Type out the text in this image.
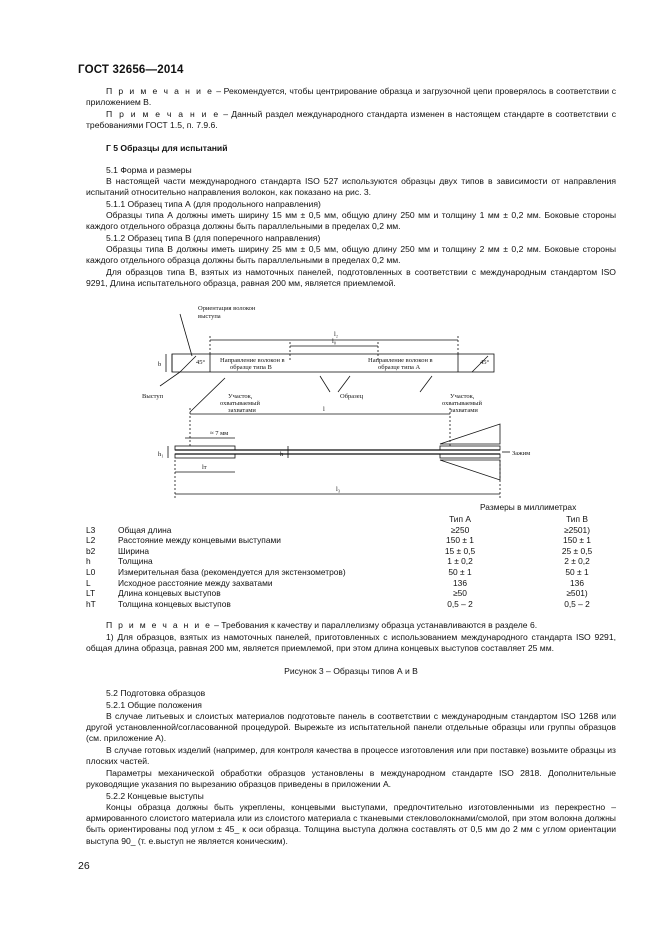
ГОСТ 32656—2014
П р и м е ч а н и е – Рекомендуется, чтобы центрирование образца и загрузочной цепи проверялось в соответствии с приложением В.
П р и м е ч а н и е – Данный раздел международного стандарта изменен в настоящем стандарте в соответствии с требованиями ГОСТ 1.5, п. 7.9.6.
Г 5 Образцы для испытаний
5.1 Форма и размеры
В настоящей части международного стандарта ISO 527 используются образцы двух типов в зависимости от направления испытаний относительно направления волокон, как показано на рис. 3.
5.1.1 Образец типа А (для продольного направления)
Образцы типа А должны иметь ширину 15 мм ± 0,5 мм, общую длину 250 мм и толщину 1 мм ± 0,2 мм. Боковые стороны каждого отдельного образца должны быть параллельными в пределах 0,2 мм.
5.1.2 Образец типа В (для поперечного направления)
Образцы типа В должны иметь ширину 25 мм ± 0,5 мм, общую длину 250 мм и толщину 2 мм ± 0,2 мм. Боковые стороны каждого отдельного образца должны быть параллельными в пределах 0,2 мм.
Для образцов типа В, взятых из намоточных панелей, подготовленных в соответствии с международным стандартом ISO 9291, Длина испытательного образца, равная 200 мм, является приемлемой.
Ориентация волокон
выступа
l₂
l₀
b	45°	45°
Направление волокон в
образце типа В
Направление волокон в
образце типа А
Выступ	Участок,
охватываемый
захватами
Образец	Участок,
охватываемый
захватами
l
≈ 7 мм
h₁	h	Зажим
lᴛ
l₃
Размеры в миллиметрах
Тип А	Тип В
L3	Общая длина	≥250	≥2501)
L2	Расстояние между концевыми выступами	150 ± 1	150 ± 1
b2	Ширина	15 ± 0,5	25 ± 0,5
h	Толщина	1 ± 0,2	2 ± 0,2
L0	Измерительная база (рекомендуется для экстензометров)	50 ± 1	50 ± 1
L	Исходное расстояние между захватами	136	136
LT	Длина концевых выступов	≥50	≥501)
hT	Толщина концевых выступов	0,5 – 2	0,5 – 2
П р и м е ч а н и е – Требования к качеству и параллелизму образца устанавливаются в разделе 6.
1) Для образцов, взятых из намоточных панелей, приготовленных с использованием международного стандарта ISO 9291, общая длина образца, равная 200 мм, является приемлемой, при этом длина концевых выступов составляет 25 мм.
Рисунок 3 – Образцы типов А и В
5.2 Подготовка образцов
5.2.1 Общие положения
В случае литьевых и слоистых материалов подготовьте панель в соответствии с международным стандартом ISO 1268 или другой установленной/согласованной процедурой. Вырежьте из испытательной панели отдельные образцы или группы образцов (см. приложение А).
В случае готовых изделий (например, для контроля качества в процессе изготовления или при поставке) возьмите образцы из плоских частей.
Параметры механической обработки образцов установлены в международном стандарте ISO 2818. Дополнительные руководящие указания по вырезанию образцов приведены в приложении А.
5.2.2 Концевые выступы
Концы образца должны быть укреплены, концевыми выступами, предпочтительно изготовленными из перекрестно – армированного слоистого материала или из слоистого материала с тканевыми стекловолокнами/смолой, при этом волокна должны быть ориентированы под углом ± 45_ к оси образца. Толщина выступа должна составлять от 0,5 мм до 2 мм с углом ориентации выступа 90_ (т. е.выступ не является коническим).
26
